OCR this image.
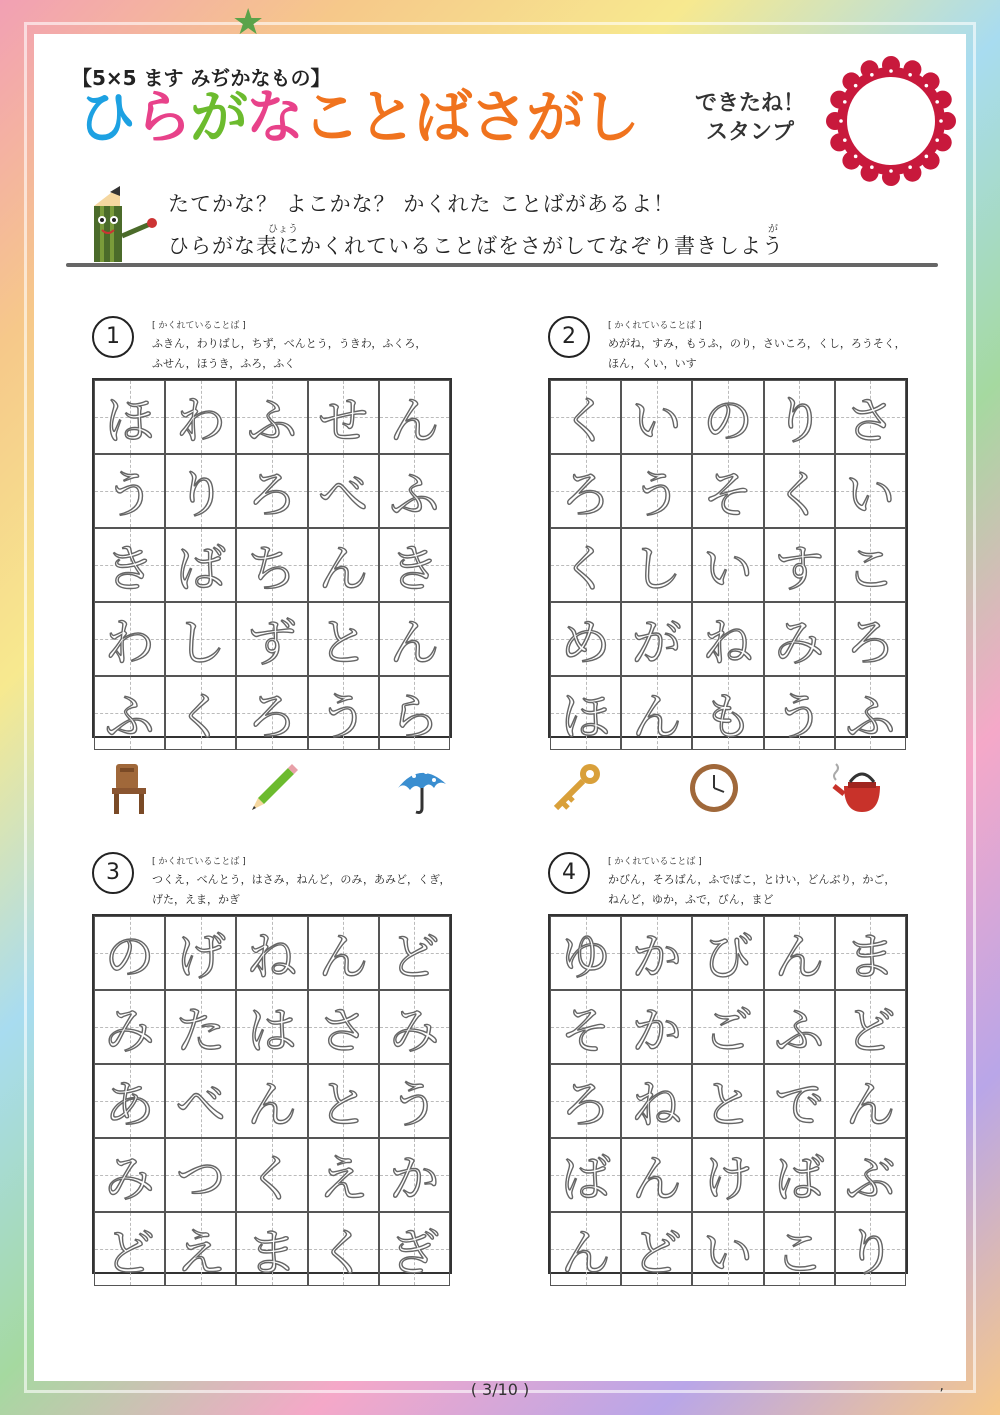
★
【5×5 ます みぢかなもの】
ひらがなことばさがし	できたね！
スタンプ
たてかな？ よこかな？ かくれた ことばがあるよ！
ひょう	が
ひらがな表にかくれていることばをさがしてなぞり書きしよう
1	[ かくれていることば ]
ふきん，わりばし，ちず，べんとう，うきわ，ふくろ，
ふせん，ほうき，ふろ，ふく
ほ わ ふ せ ん
う り ろ べ ふ
き ば ち ん き
わ し ず と ん
ふ く ろ う ら
2	[ かくれていることば ]
めがね，すみ，もうふ，のり，さいころ，くし，ろうそく，
ほん，くい，いす
く い の り さ
ろ う そ く い
く し い す こ
め が ね み ろ
ほ ん も う ふ
3	[ かくれていることば ]
つくえ，べんとう，はさみ，ねんど，のみ，あみど，くぎ，
げた，えま，かぎ
の げ ね ん ど
み た は さ み
あ べ ん と う
み つ く え か
ど え ま く ぎ
4	[ かくれていることば ]
かびん，そろばん，ふでばこ，とけい，どんぶり，かご，
ねんど，ゆか，ふで，びん，まど
ゆ か び ん ま
そ か ご ふ ど
ろ ね と で ん
ば ん け ば ぶ
ん ど い こ り
( 3/10 )	,
